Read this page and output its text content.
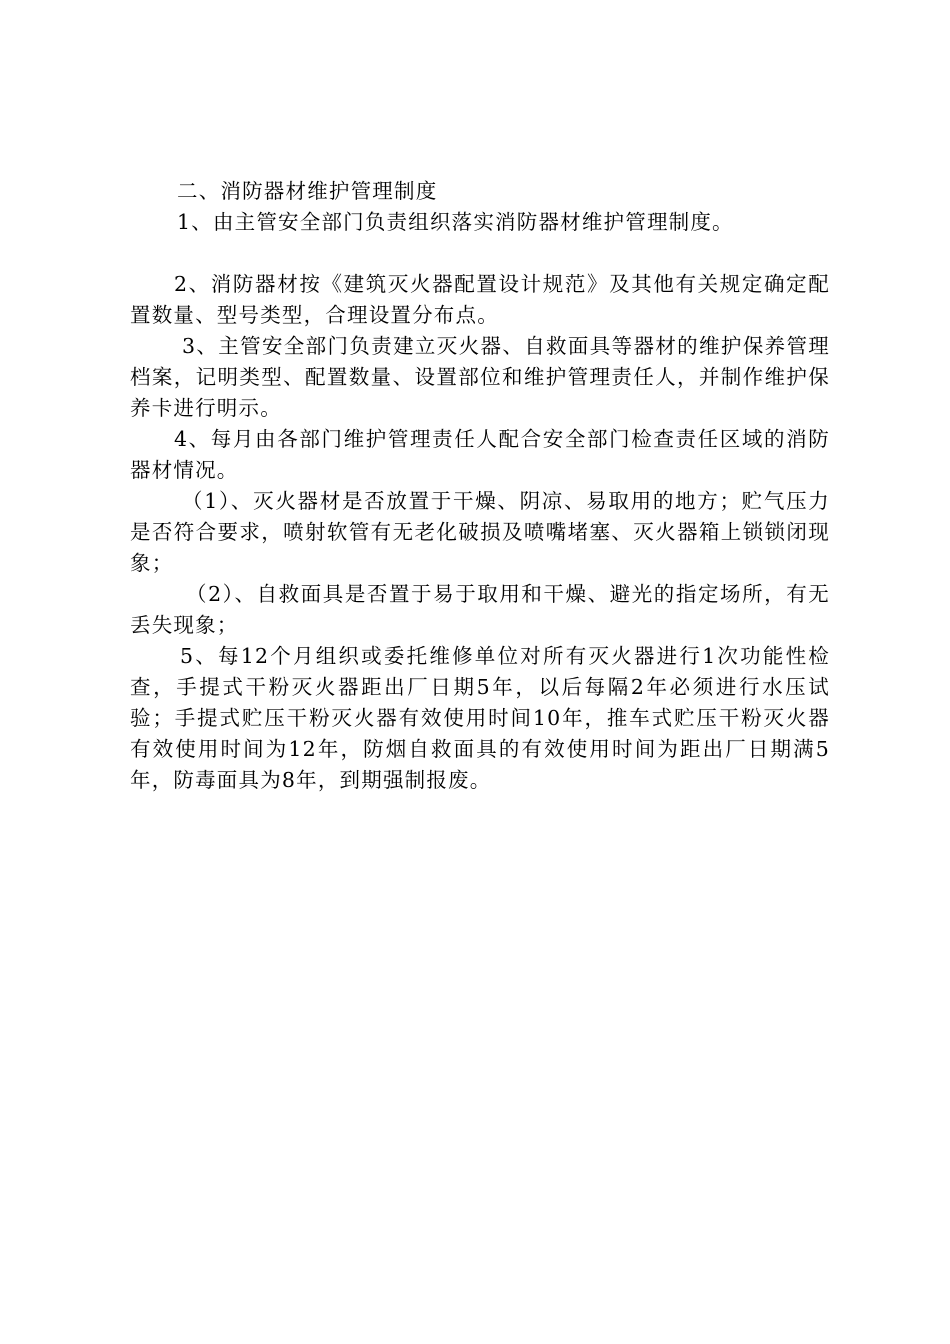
二、消防器材维护管理制度

1、由主管安全部门负责组织落实消防器材维护管理制度。

2、消防器材按《建筑灭火器配置设计规范》及其他有关规定确定配置数量、型号类型，合理设置分布点。

3、主管安全部门负责建立灭火器、自救面具等器材的维护保养管理档案，记明类型、配置数量、设置部位和维护管理责任人，并制作维护保养卡进行明示。

4、每月由各部门维护管理责任人配合安全部门检查责任区域的消防器材情况。

（1）、灭火器材是否放置于干燥、阴凉、易取用的地方；贮气压力是否符合要求，喷射软管有无老化破损及喷嘴堵塞、灭火器箱上锁锁闭现象；

（2）、自救面具是否置于易于取用和干燥、避光的指定场所，有无丢失现象；

5、每12个月组织或委托维修单位对所有灭火器进行1次功能性检查，手提式干粉灭火器距出厂日期5年，以后每隔2年必须进行水压试验；手提式贮压干粉灭火器有效使用时间10年，推车式贮压干粉灭火器有效使用时间为12年，防烟自救面具的有效使用时间为距出厂日期满5年，防毒面具为8年，到期强制报废。
